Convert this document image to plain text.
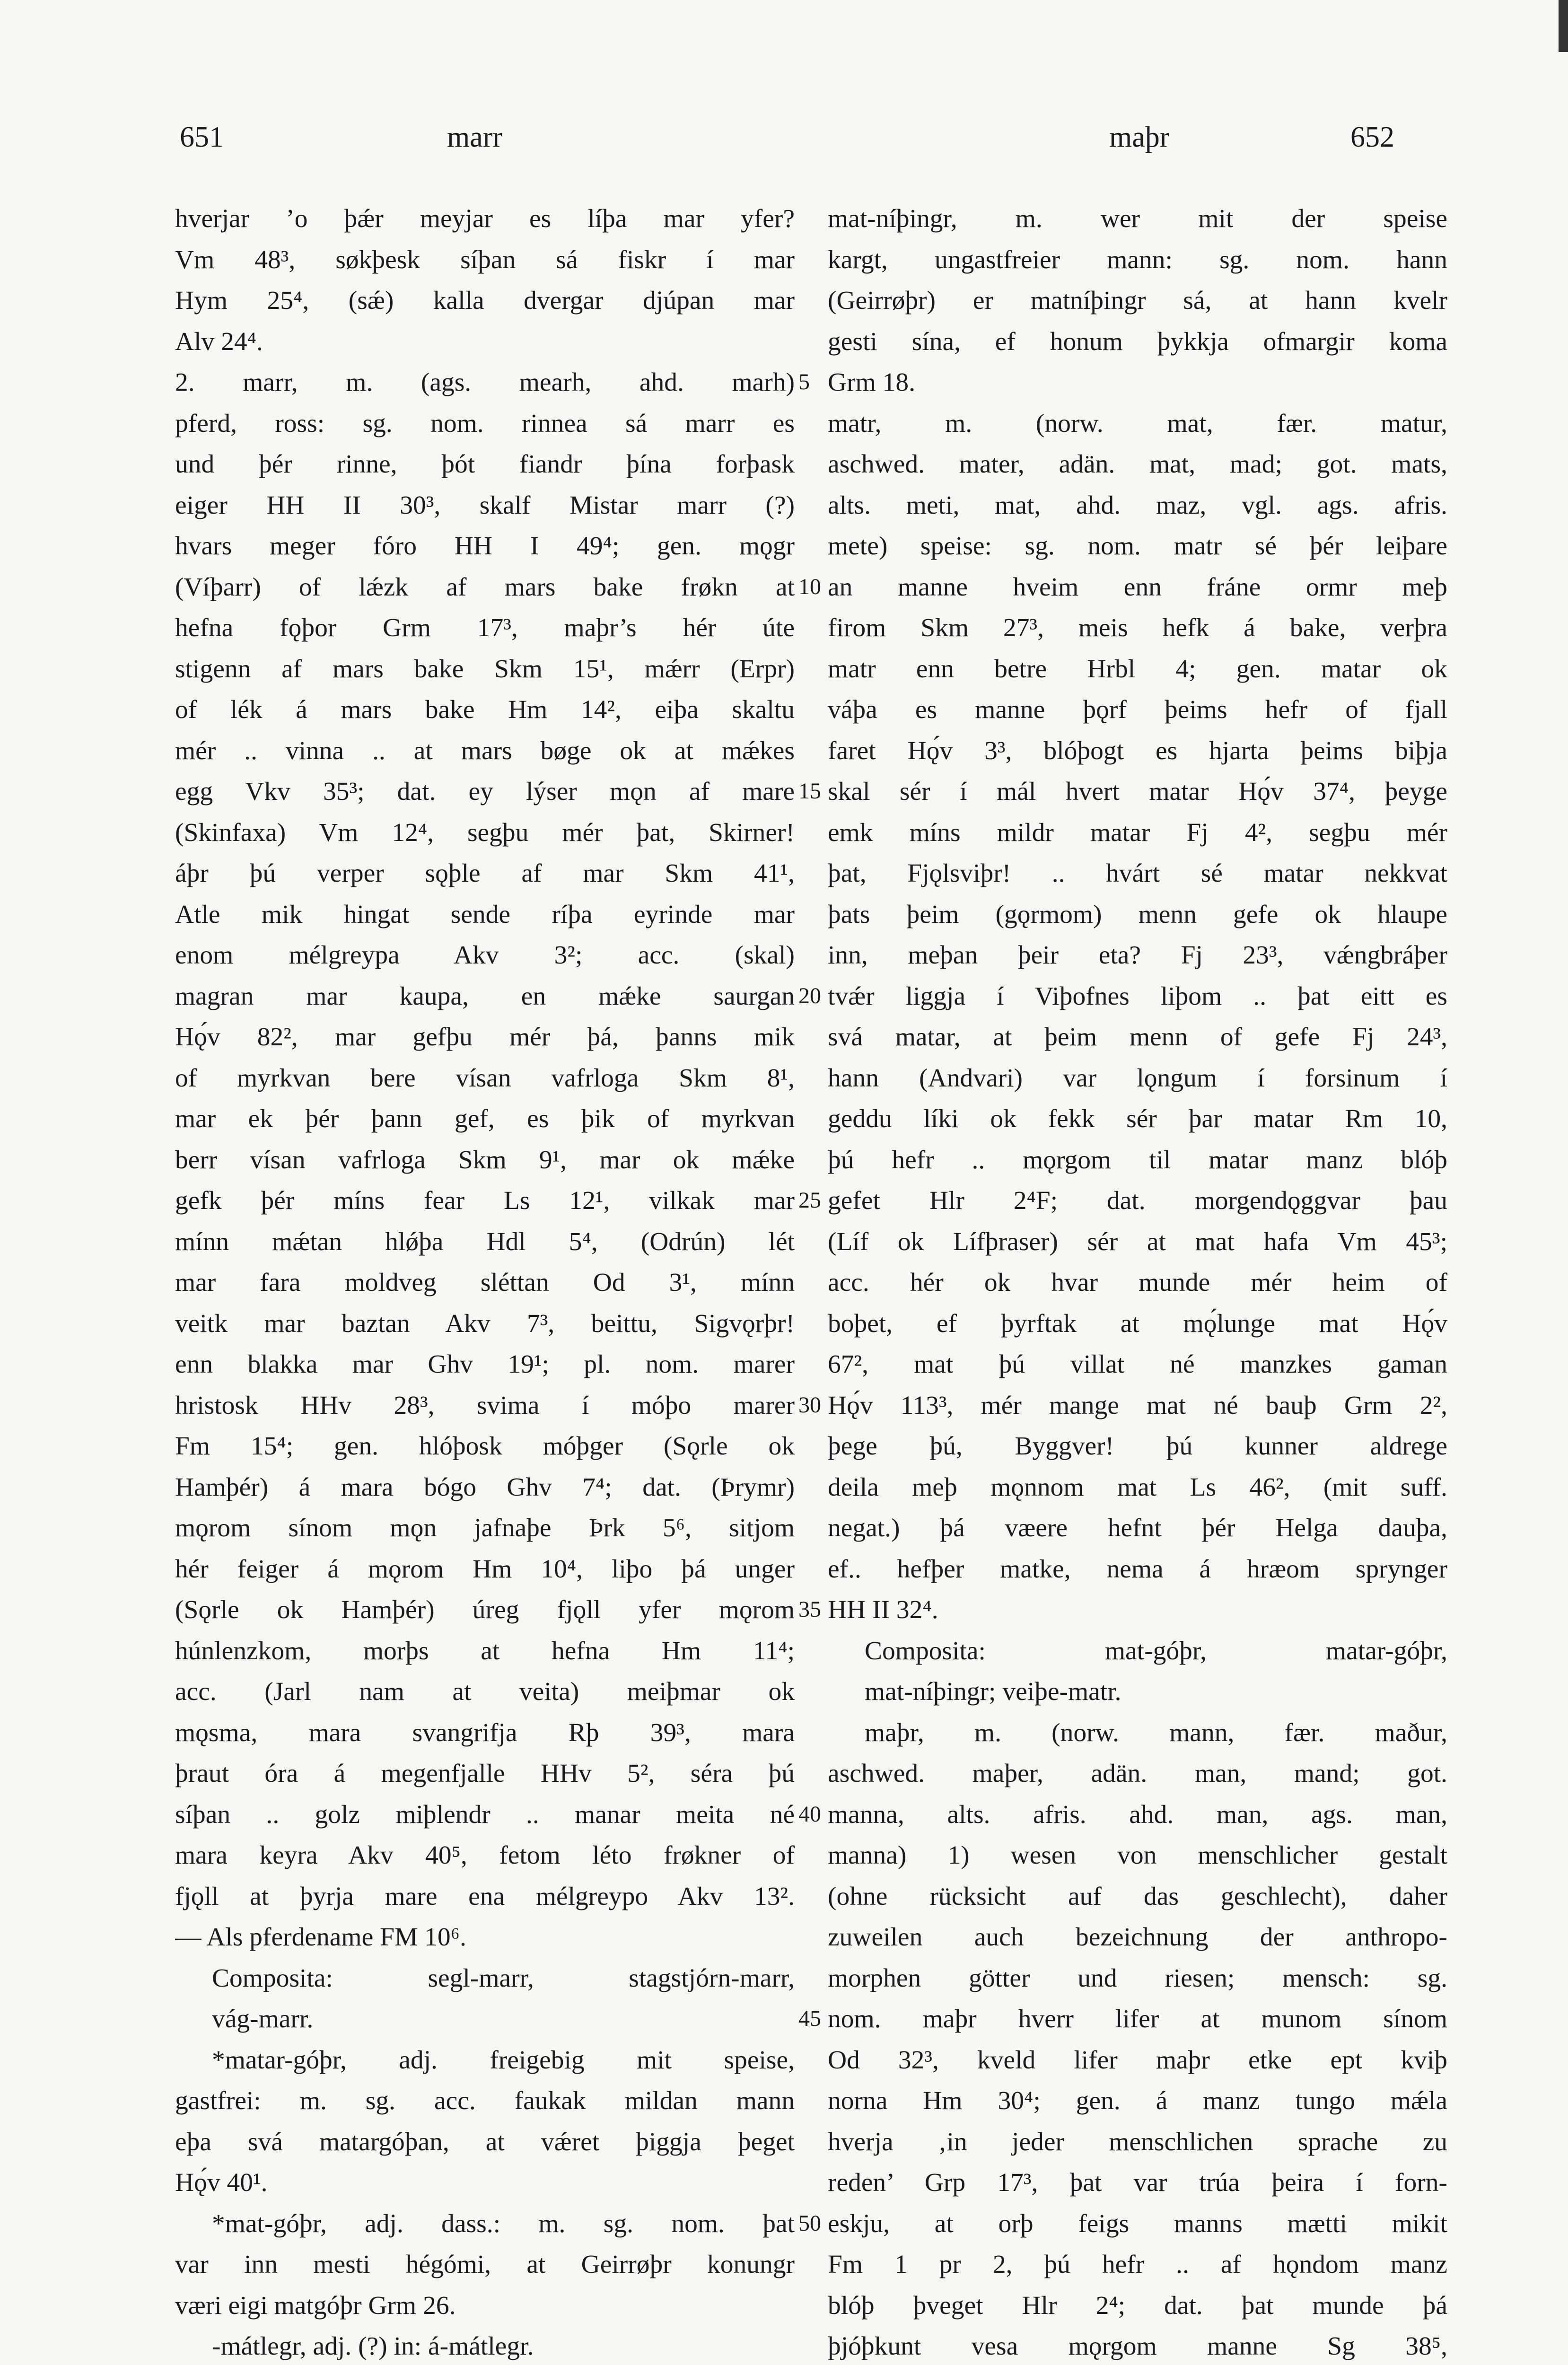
651	marr	maþr	652
hverjar ’o þǽr meyjar es líþa mar yfer?
Vm 48³, søkþesk síþan sá fiskr í mar
Hym 25⁴, (sǽ) kalla dvergar djúpan mar
Alv 24⁴.
2. marr, m. (ags. mearh, ahd. marh)
pferd, ross: sg. nom. rinnea sá marr es
und þér rinne, þót fiandr þína forþask
eiger HH II 30³, skalf Mistar marr (?)
hvars meger fóro HH I 49⁴; gen. mǫgr
(Víþarr) of lǽzk af mars bake frøkn at
hefna fǫþor Grm 17³, maþr’s hér úte
stigenn af mars bake Skm 15¹, mǽrr (Erpr)
of lék á mars bake Hm 14², eiþa skaltu
mér .. vinna .. at mars bøge ok at mǽkes
egg Vkv 35³; dat. ey lýser mǫn af mare
(Skinfaxa) Vm 12⁴, segþu mér þat, Skirner!
áþr þú verper sǫþle af mar Skm 41¹,
Atle mik hingat sende ríþa eyrinde mar
enom mélgreypa Akv 3²; acc. (skal)
magran mar kaupa, en mǽke saurgan
Hǫ́v 82², mar gefþu mér þá, þanns mik
of myrkvan bere vísan vafrloga Skm 8¹,
mar ek þér þann gef, es þik of myrkvan
berr vísan vafrloga Skm 9¹, mar ok mǽke
gefk þér míns fear Ls 12¹, vilkak mar
mínn mǽtan hlǿþa Hdl 5⁴, (Odrún) lét
mar fara moldveg sléttan Od 3¹, mínn
veitk mar baztan Akv 7³, beittu, Sigvǫrþr!
enn blakka mar Ghv 19¹; pl. nom. marer
hristosk HHv 28³, svima í móþo marer
Fm 15⁴; gen. hlóþosk móþger (Sǫrle ok
Hamþér) á mara bógo Ghv 7⁴; dat. (Þrymr)
mǫrom sínom mǫn jafnaþe Þrk 5⁶, sitjom
hér feiger á mǫrom Hm 10⁴, liþo þá unger
(Sǫrle ok Hamþér) úreg fjǫll yfer mǫrom
húnlenzkom, morþs at hefna Hm 11⁴;
acc. (Jarl nam at veita) meiþmar ok
mǫsma, mara svangrifja Rþ 39³, mara
þraut óra á megenfjalle HHv 5², séra þú
síþan .. golz miþlendr .. manar meita né
mara keyra Akv 40⁵, fetom léto frøkner of
fjǫll at þyrja mare ena mélgreypo Akv 13².
— Als pferdename FM 10⁶.
Composita: segl-marr, stagstjórn-marr,
vág-marr.
*matar-góþr, adj. freigebig mit speise,
gastfrei: m. sg. acc. faukak mildan mann
eþa svá matargóþan, at vǽret þiggja þeget
Hǫ́v 40¹.
*mat-góþr, adj. dass.: m. sg. nom. þat
var inn mesti hégómi, at Geirrøþr konungr
væri eigi matgóþr Grm 26.
-mátlegr, adj. (?) in: á-mátlegr.
5
10
15
20
25
30
35
40
45
50
mat-níþingr, m. wer mit der speise
kargt, ungastfreier mann: sg. nom. hann
(Geirrøþr) er matníþingr sá, at hann kvelr
gesti sína, ef honum þykkja ofmargir koma
Grm 18.
matr, m. (norw. mat, fær. matur,
aschwed. mater, adän. mat, mad; got. mats,
alts. meti, mat, ahd. maz, vgl. ags. afris.
mete) speise: sg. nom. matr sé þér leiþare
an manne hveim enn fráne ormr meþ
firom Skm 27³, meis hefk á bake, verþra
matr enn betre Hrbl 4; gen. matar ok
váþa es manne þǫrf þeims hefr of fjall
faret Hǫ́v 3³, blóþogt es hjarta þeims biþja
skal sér í mál hvert matar Hǫ́v 37⁴, þeyge
emk míns mildr matar Fj 4², segþu mér
þat, Fjǫlsviþr! .. hvárt sé matar nekkvat
þats þeim (gǫrmom) menn gefe ok hlaupe
inn, meþan þeir eta? Fj 23³, vǽngbráþer
tvǽr liggja í Viþofnes liþom .. þat eitt es
svá matar, at þeim menn of gefe Fj 24³,
hann (Andvari) var lǫngum í forsinum í
geddu líki ok fekk sér þar matar Rm 10,
þú hefr .. mǫrgom til matar manz blóþ
gefet Hlr 2⁴F; dat. morgendǫggvar þau
(Líf ok Lífþraser) sér at mat hafa Vm 45³;
acc. hér ok hvar munde mér heim of
boþet, ef þyrftak at mǫ́lunge mat Hǫ́v
67², mat þú villat né manzkes gaman
Hǫ́v 113³, mér mange mat né bauþ Grm 2²,
þege þú, Byggver! þú kunner aldrege
deila meþ mǫnnom mat Ls 46², (mit suff.
negat.) þá væere hefnt þér Helga dauþa,
ef.. hefþer matke, nema á hræom sprynger
HH II 32⁴.
Composita: mat-góþr, matar-góþr,
mat-níþingr; veiþe-matr.
maþr, m. (norw. mann, fær. maður,
aschwed. maþer, adän. man, mand; got.
manna, alts. afris. ahd. man, ags. man,
manna) 1) wesen von menschlicher gestalt
(ohne rücksicht auf das geschlecht), daher
zuweilen auch bezeichnung der anthropo-
morphen götter und riesen; mensch: sg.
nom. maþr hverr lifer at munom sínom
Od 32³, kveld lifer maþr etke ept kviþ
norna Hm 30⁴; gen. á manz tungo mǽla
hverja ‚in jeder menschlichen sprache zu
reden’ Grp 17³, þat var trúa þeira í forn-
eskju, at orþ feigs manns mætti mikit
Fm 1 pr 2, þú hefr .. af hǫndom manz
blóþ þveget Hlr 2⁴; dat. þat munde þá
þjóþkunt vesa mǫrgom manne Sg 38⁵,
